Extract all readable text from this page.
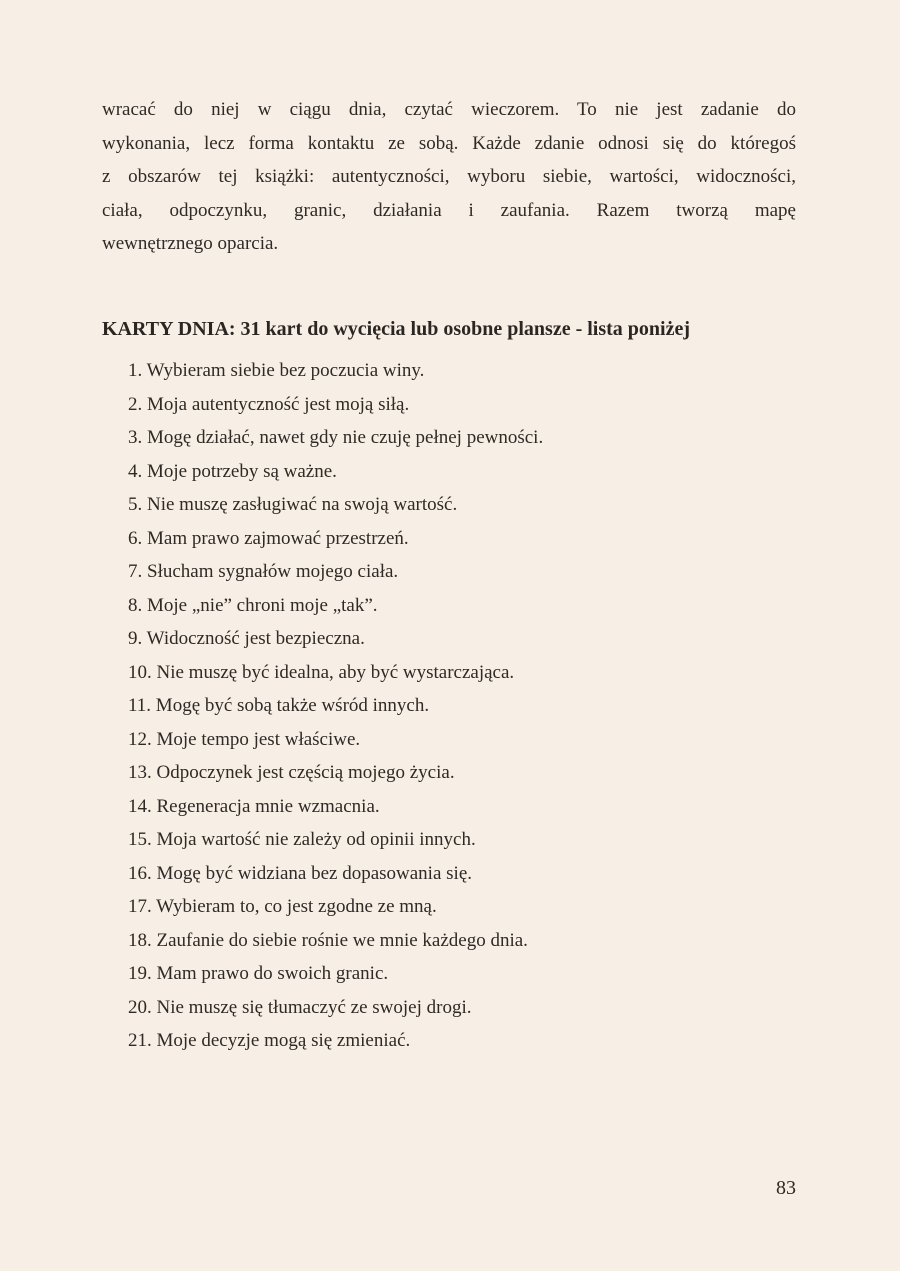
wracać do niej w ciągu dnia, czytać wieczorem. To nie jest zadanie do
wykonania, lecz forma kontaktu ze sobą. Każde zdanie odnosi się do któregoś
z obszarów tej książki: autentyczności, wyboru siebie, wartości, widoczności,
ciała, odpoczynku, granic, działania i zaufania. Razem tworzą mapę
wewnętrznego oparcia.
KARTY DNIA: 31 kart do wycięcia lub osobne plansze - lista poniżej
1. Wybieram siebie bez poczucia winy.
2. Moja autentyczność jest moją siłą.
3. Mogę działać, nawet gdy nie czuję pełnej pewności.
4. Moje potrzeby są ważne.
5. Nie muszę zasługiwać na swoją wartość.
6. Mam prawo zajmować przestrzeń.
7. Słucham sygnałów mojego ciała.
8. Moje „nie” chroni moje „tak”.
9. Widoczność jest bezpieczna.
10. Nie muszę być idealna, aby być wystarczająca.
11. Mogę być sobą także wśród innych.
12. Moje tempo jest właściwe.
13. Odpoczynek jest częścią mojego życia.
14. Regeneracja mnie wzmacnia.
15. Moja wartość nie zależy od opinii innych.
16. Mogę być widziana bez dopasowania się.
17. Wybieram to, co jest zgodne ze mną.
18. Zaufanie do siebie rośnie we mnie każdego dnia.
19. Mam prawo do swoich granic.
20. Nie muszę się tłumaczyć ze swojej drogi.
21. Moje decyzje mogą się zmieniać.
83
